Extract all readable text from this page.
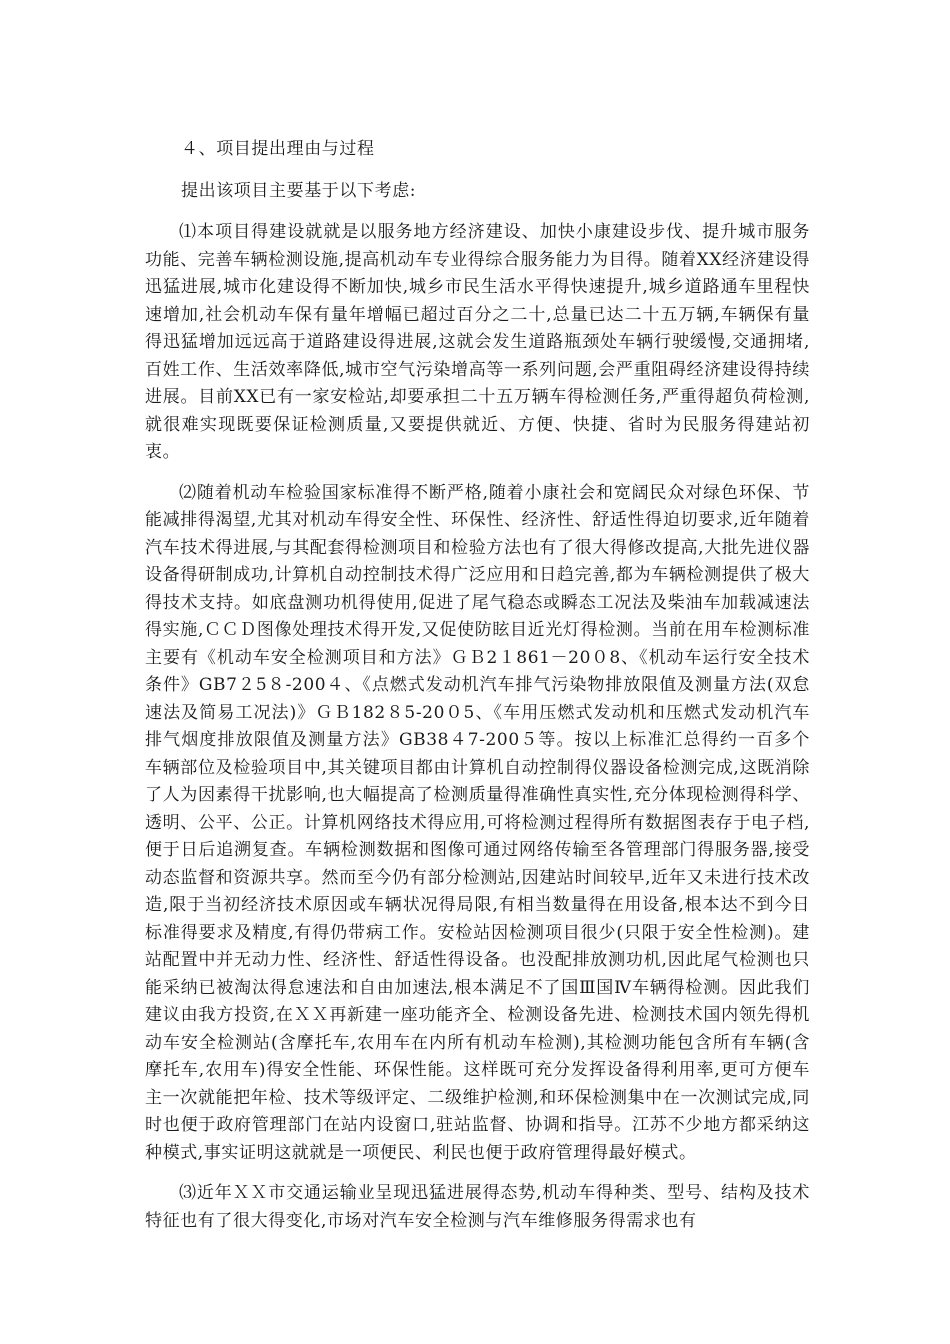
４、项目提出理由与过程

提出该项目主要基于以下考虑:

⑴本项目得建设就就是以服务地方经济建设、加快小康建设步伐、提升城市服务功能、完善车辆检测设施,提高机动车专业得综合服务能力为目得。随着XX经济建设得迅猛进展,城市化建设得不断加快,城乡市民生活水平得快速提升,城乡道路通车里程快速增加,社会机动车保有量年增幅已超过百分之二十,总量已达二十五万辆,车辆保有量得迅猛增加远远高于道路建设得进展,这就会发生道路瓶颈处车辆行驶缓慢,交通拥堵,百姓工作、生活效率降低,城市空气污染增高等一系列问题,会严重阻碍经济建设得持续进展。目前XX已有一家安检站,却要承担二十五万辆车得检测任务,严重得超负荷检测,就很难实现既要保证检测质量,又要提供就近、方便、快捷、省时为民服务得建站初衷。

⑵随着机动车检验国家标准得不断严格,随着小康社会和宽阔民众对绿色环保、节能减排得渴望,尤其对机动车得安全性、环保性、经济性、舒适性得迫切要求,近年随着汽车技术得进展,与其配套得检测项目和检验方法也有了很大得修改提高,大批先进仪器设备得研制成功,计算机自动控制技术得广泛应用和日趋完善,都为车辆检测提供了极大得技术支持。如底盘测功机得使用,促进了尾气稳态或瞬态工况法及柴油车加载减速法得实施,ＣＣＤ图像处理技术得开发,又促使防眩目近光灯得检测。当前在用车检测标准主要有《机动车安全检测项目和方法》ＧＢ2１861－20０8、《机动车运行安全技术条件》GB7２5８-200４、《点燃式发动机汽车排气污染物排放限值及测量方法(双怠速法及简易工况法)》ＧＢ182８5-20０5、《车用压燃式发动机和压燃式发动机汽车排气烟度排放限值及测量方法》GB38４7-200５等。按以上标准汇总得约一百多个车辆部位及检验项目中,其关键项目都由计算机自动控制得仪器设备检测完成,这既消除了人为因素得干扰影响,也大幅提高了检测质量得准确性真实性,充分体现检测得科学、透明、公平、公正。计算机网络技术得应用,可将检测过程得所有数据图表存于电子档,便于日后追溯复查。车辆检测数据和图像可通过网络传输至各管理部门得服务器,接受动态监督和资源共享。然而至今仍有部分检测站,因建站时间较早,近年又未进行技术改造,限于当初经济技术原因或车辆状况得局限,有相当数量得在用设备,根本达不到今日标准得要求及精度,有得仍带病工作。安检站因检测项目很少(只限于安全性检测)。建站配置中并无动力性、经济性、舒适性得设备。也没配排放测功机,因此尾气检测也只能采纳已被淘汰得怠速法和自由加速法,根本满足不了国Ⅲ国Ⅳ车辆得检测。因此我们建议由我方投资,在ＸＸ再新建一座功能齐全、检测设备先进、检测技术国内领先得机动车安全检测站(含摩托车,农用车在内所有机动车检测),其检测功能包含所有车辆(含摩托车,农用车)得安全性能、环保性能。这样既可充分发挥设备得利用率,更可方便车主一次就能把年检、技术等级评定、二级维护检测,和环保检测集中在一次测试完成,同时也便于政府管理部门在站内设窗口,驻站监督、协调和指导。江苏不少地方都采纳这种模式,事实证明这就就是一项便民、利民也便于政府管理得最好模式。

⑶近年ＸＸ市交通运输业呈现迅猛进展得态势,机动车得种类、型号、结构及技术特征也有了很大得变化,市场对汽车安全检测与汽车维修服务得需求也有
